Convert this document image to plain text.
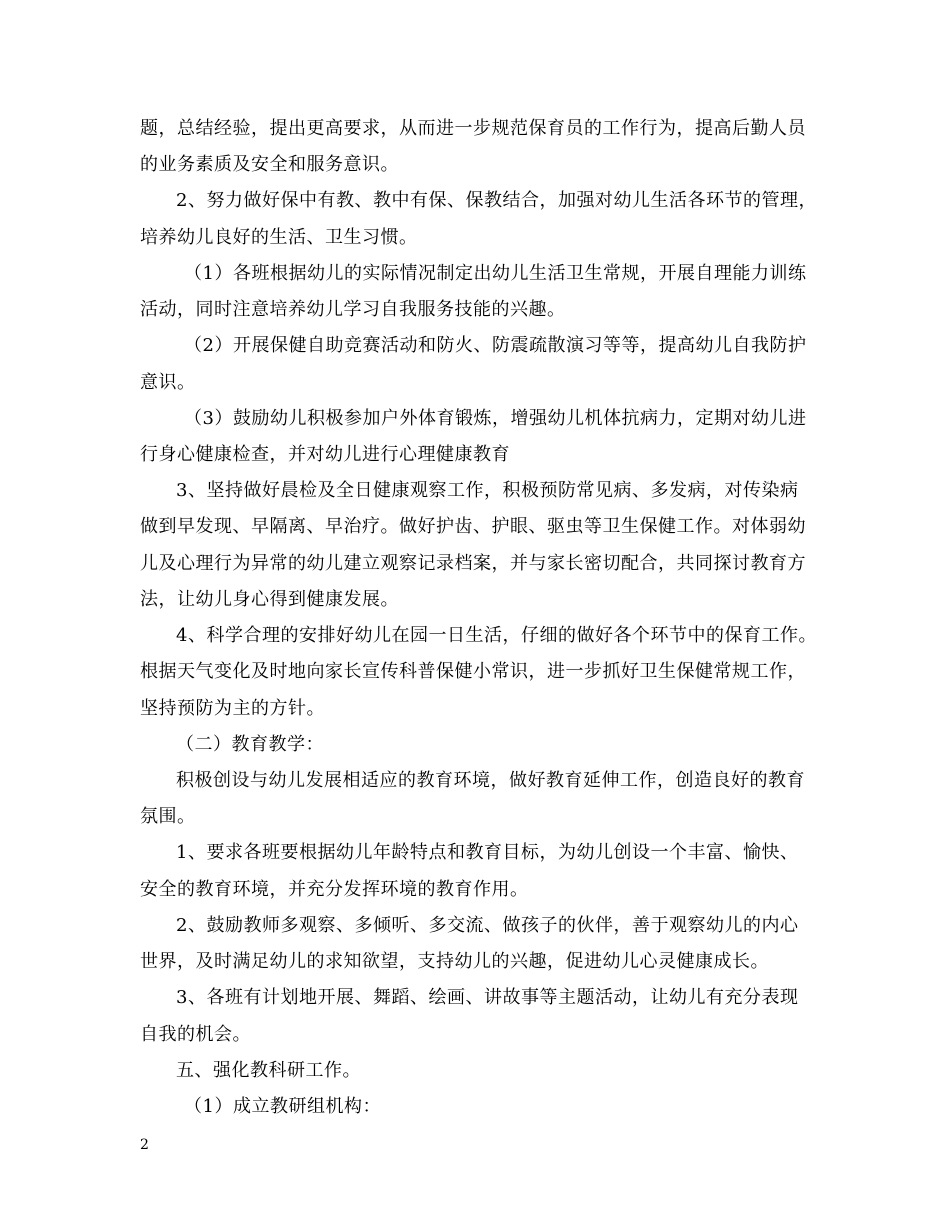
题，总结经验，提出更高要求，从而进一步规范保育员的工作行为，提高后勤人员
的业务素质及安全和服务意识。
2、努力做好保中有教、教中有保、保教结合，加强对幼儿生活各环节的管理，
培养幼儿良好的生活、卫生习惯。
（1）各班根据幼儿的实际情况制定出幼儿生活卫生常规，开展自理能力训练
活动，同时注意培养幼儿学习自我服务技能的兴趣。
（2）开展保健自助竞赛活动和防火、防震疏散演习等等，提高幼儿自我防护
意识。
（3）鼓励幼儿积极参加户外体育锻炼，增强幼儿机体抗病力，定期对幼儿进
行身心健康检查，并对幼儿进行心理健康教育
3、坚持做好晨检及全日健康观察工作，积极预防常见病、多发病，对传染病
做到早发现、早隔离、早治疗。做好护齿、护眼、驱虫等卫生保健工作。对体弱幼
儿及心理行为异常的幼儿建立观察记录档案，并与家长密切配合，共同探讨教育方
法，让幼儿身心得到健康发展。
4、科学合理的安排好幼儿在园一日生活，仔细的做好各个环节中的保育工作。
根据天气变化及时地向家长宣传科普保健小常识，进一步抓好卫生保健常规工作，
坚持预防为主的方针。
（二）教育教学：
积极创设与幼儿发展相适应的教育环境，做好教育延伸工作，创造良好的教育
氛围。
1、要求各班要根据幼儿年龄特点和教育目标，为幼儿创设一个丰富、愉快、
安全的教育环境，并充分发挥环境的教育作用。
2、鼓励教师多观察、多倾听、多交流、做孩子的伙伴，善于观察幼儿的内心
世界，及时满足幼儿的求知欲望，支持幼儿的兴趣，促进幼儿心灵健康成长。
3、各班有计划地开展、舞蹈、绘画、讲故事等主题活动，让幼儿有充分表现
自我的机会。
五、强化教科研工作。
（1）成立教研组机构：
2
